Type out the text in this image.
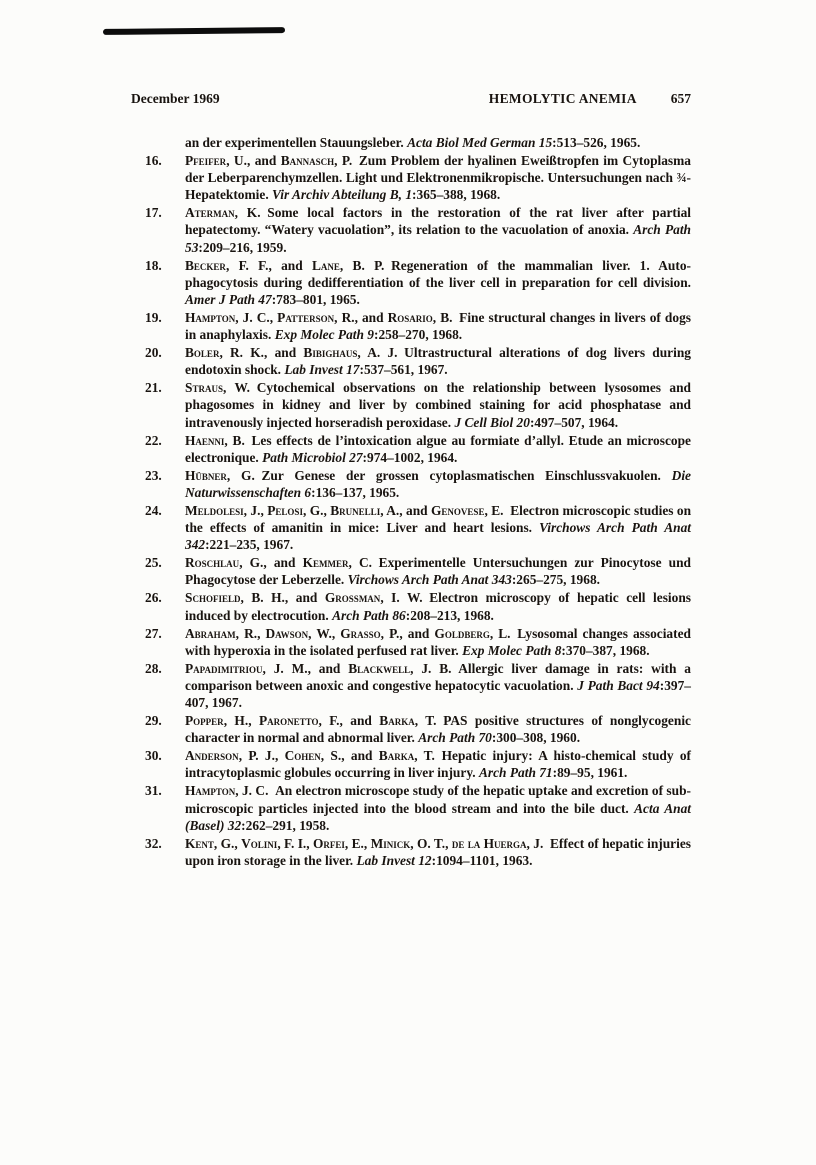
December 1969	HEMOLYTIC ANEMIA	657
an der experimentellen Stauungsleber. Acta Biol Med German 15:513–526, 1965.
16. Pfeifer, U., and Bannasch, P. Zum Problem der hyalinen Eweißtropfen im Cytoplasma der Leberparenchymzellen. Light und Elektronenmikropische. Untersuchungen nach ¾-Hepatektomie. Vir Archiv Abteilung B, 1:365–388, 1968.
17. Aterman, K. Some local factors in the restoration of the rat liver after partial hepatectomy. “Watery vacuolation”, its relation to the vacuolation of anoxia. Arch Path 53:209–216, 1959.
18. Becker, F. F., and Lane, B. P. Regeneration of the mammalian liver. 1. Auto-phagocytosis during dedifferentiation of the liver cell in preparation for cell division. Amer J Path 47:783–801, 1965.
19. Hampton, J. C., Patterson, R., and Rosario, B. Fine structural changes in livers of dogs in anaphylaxis. Exp Molec Path 9:258–270, 1968.
20. Boler, R. K., and Bibighaus, A. J. Ultrastructural alterations of dog livers during endotoxin shock. Lab Invest 17:537–561, 1967.
21. Straus, W. Cytochemical observations on the relationship between lysosomes and phagosomes in kidney and liver by combined staining for acid phosphatase and intravenously injected horseradish peroxidase. J Cell Biol 20:497–507, 1964.
22. Haenni, B. Les effects de l’intoxication algue au formiate d’allyl. Etude an microscope electronique. Path Microbiol 27:974–1002, 1964.
23. Hübner, G. Zur Genese der grossen cytoplasmatischen Einschlussvakuolen. Die Naturwissenschaften 6:136–137, 1965.
24. Meldolesi, J., Pelosi, G., Brunelli, A., and Genovese, E. Electron microscopic studies on the effects of amanitin in mice: Liver and heart lesions. Virchows Arch Path Anat 342:221–235, 1967.
25. Roschlau, G., and Kemmer, C. Experimentelle Untersuchungen zur Pinocytose und Phagocytose der Leberzelle. Virchows Arch Path Anat 343:265–275, 1968.
26. Schofield, B. H., and Grossman, I. W. Electron microscopy of hepatic cell lesions induced by electrocution. Arch Path 86:208–213, 1968.
27. Abraham, R., Dawson, W., Grasso, P., and Goldberg, L. Lysosomal changes associated with hyperoxia in the isolated perfused rat liver. Exp Molec Path 8:370–387, 1968.
28. Papadimitriou, J. M., and Blackwell, J. B. Allergic liver damage in rats: with a comparison between anoxic and congestive hepatocytic vacuolation. J Path Bact 94:397–407, 1967.
29. Popper, H., Paronetto, F., and Barka, T. PAS positive structures of nonglycogenic character in normal and abnormal liver. Arch Path 70:300–308, 1960.
30. Anderson, P. J., Cohen, S., and Barka, T. Hepatic injury: A histo-chemical study of intracytoplasmic globules occurring in liver injury. Arch Path 71:89–95, 1961.
31. Hampton, J. C. An electron microscope study of the hepatic uptake and excretion of sub-microscopic particles injected into the blood stream and into the bile duct. Acta Anat (Basel) 32:262–291, 1958.
32. Kent, G., Volini, F. I., Orfei, E., Minick, O. T., de la Huerga, J. Effect of hepatic injuries upon iron storage in the liver. Lab Invest 12:1094–1101, 1963.
